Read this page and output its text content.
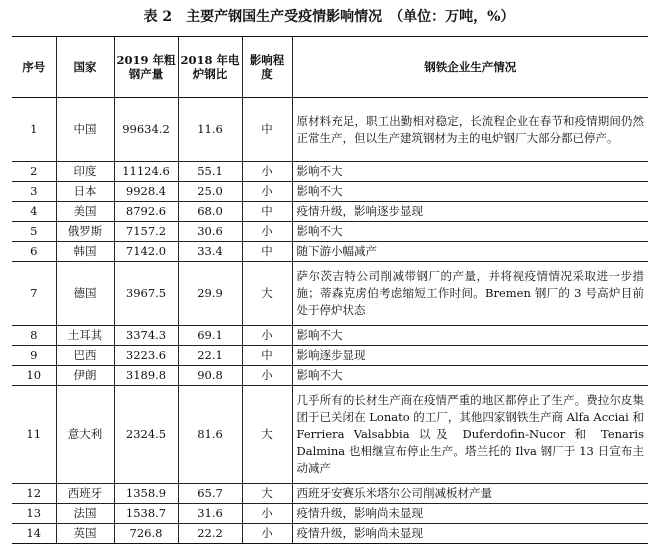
表 2　主要产钢国生产受疫情影响情况　（单位：万吨，%）
序号	国家	2019 年粗钢产量	2018 年电炉钢比	影响程度	钢铁企业生产情况
1	中国	99634.2	11.6	中	原材料充足，职工出勤相对稳定，长流程企业在春节和疫情期间仍然正常生产，但以生产建筑钢材为主的电炉钢厂大部分都已停产。
2	印度	11124.6	55.1	小	影响不大
3	日本	9928.4	25.0	小	影响不大
4	美国	8792.6	68.0	中	疫情升级，影响逐步显现
5	俄罗斯	7157.2	30.6	小	影响不大
6	韩国	7142.0	33.4	中	随下游小幅减产
7	德国	3967.5	29.9	大	萨尔茨吉特公司削减带钢厂的产量，并将视疫情情况采取进一步措施；蒂森克虏伯考虑缩短工作时间。Bremen 钢厂的 3 号高炉目前处于停炉状态
8	土耳其	3374.3	69.1	小	影响不大
9	巴西	3223.6	22.1	中	影响逐步显现
10	伊朗	3189.8	90.8	小	影响不大
11	意大利	2324.5	81.6	大	几乎所有的长材生产商在疫情严重的地区都停止了生产。费拉尔皮集团于已关闭在 Lonato 的工厂，其他四家钢铁生产商 Alfa Acciai 和 Ferriera Valsabbia 以及 Duferdofin-Nucor 和 Tenaris Dalmina 也相继宣布停止生产。塔兰托的 Ilva 钢厂于 13 日宣布主动减产
12	西班牙	1358.9	65.7	大	西班牙安赛乐米塔尔公司削减板材产量
13	法国	1538.7	31.6	小	疫情升级，影响尚未显现
14	英国	726.8	22.2	小	疫情升级，影响尚未显现
